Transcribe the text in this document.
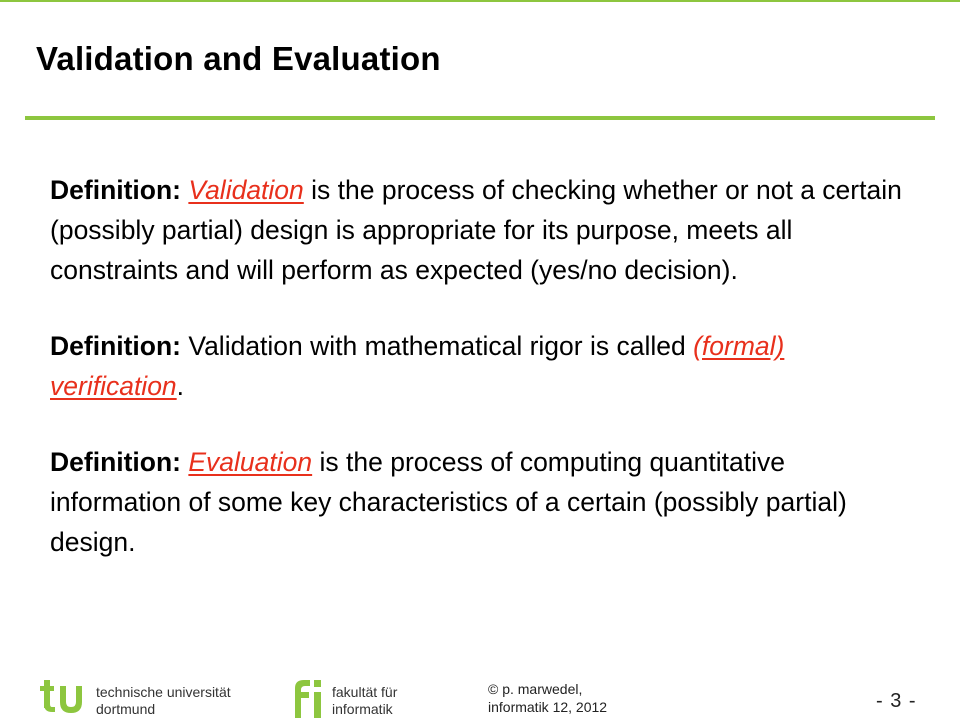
Validation and Evaluation

Definition: Validation is the process of checking whether or not a certain (possibly partial) design is appropriate for its purpose, meets all constraints and will perform as expected (yes/no decision).

Definition: Validation with mathematical rigor is called (formal) verification.

Definition: Evaluation is the process of computing quantitative information of some key characteristics of a certain (possibly partial) design.

technische universität
dortmund
fakultät für
informatik
© p. marwedel,
informatik 12, 2012	- 3 -
